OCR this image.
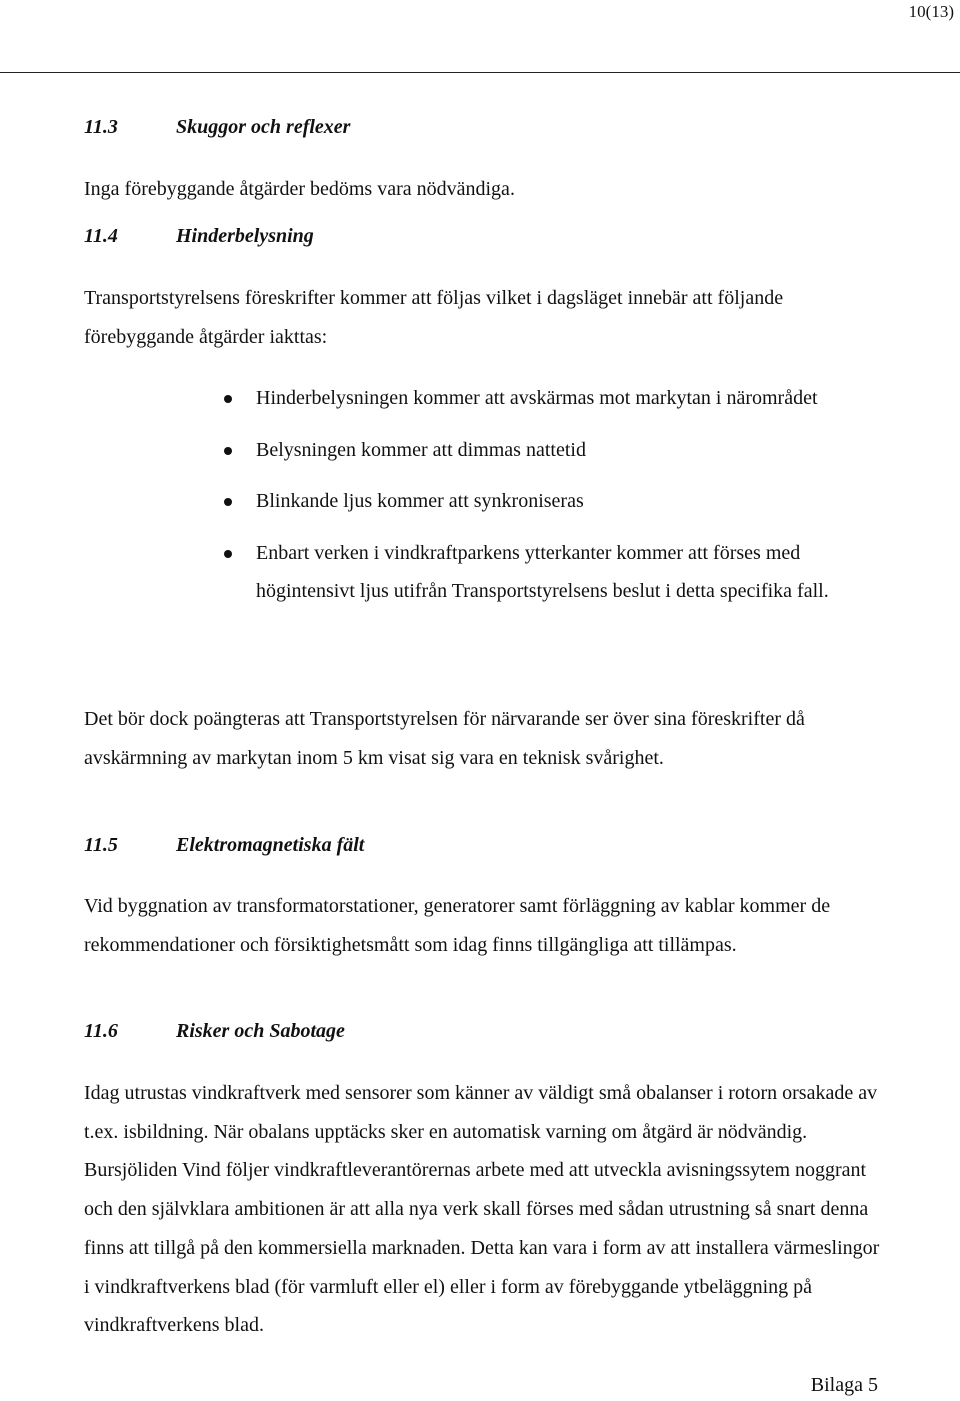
10(13)
11.3	Skuggor och reflexer

Inga förebyggande åtgärder bedöms vara nödvändiga.

11.4	Hinderbelysning

Transportstyrelsens föreskrifter kommer att följas vilket i dagsläget innebär att följande förebyggande åtgärder iakttas:

Hinderbelysningen kommer att avskärmas mot markytan i närområdet
Belysningen kommer att dimmas nattetid
Blinkande ljus kommer att synkroniseras
Enbart verken i vindkraftparkens ytterkanter kommer att förses med högintensivt ljus utifrån Transportstyrelsens beslut i detta specifika fall.

Det bör dock poängteras att Transportstyrelsen för närvarande ser över sina föreskrifter då avskärmning av markytan inom 5 km visat sig vara en teknisk svårighet.

11.5	Elektromagnetiska fält

Vid byggnation av transformatorstationer, generatorer samt förläggning av kablar kommer de rekommendationer och försiktighetsmått som idag finns tillgängliga att tillämpas.

11.6	Risker och Sabotage

Idag utrustas vindkraftverk med sensorer som känner av väldigt små obalanser i rotorn orsakade av t.ex. isbildning. När obalans upptäcks sker en automatisk varning om åtgärd är nödvändig. Bursjöliden Vind följer vindkraftleverantörernas arbete med att utveckla avisningssytem noggrant och den självklara ambitionen är att alla nya verk skall förses med sådan utrustning så snart denna finns att tillgå på den kommersiella marknaden. Detta kan vara i form av att installera värmeslingor i vindkraftverkens blad (för varmluft eller el) eller i form av förebyggande ytbeläggning på vindkraftverkens blad.

Bilaga 5
